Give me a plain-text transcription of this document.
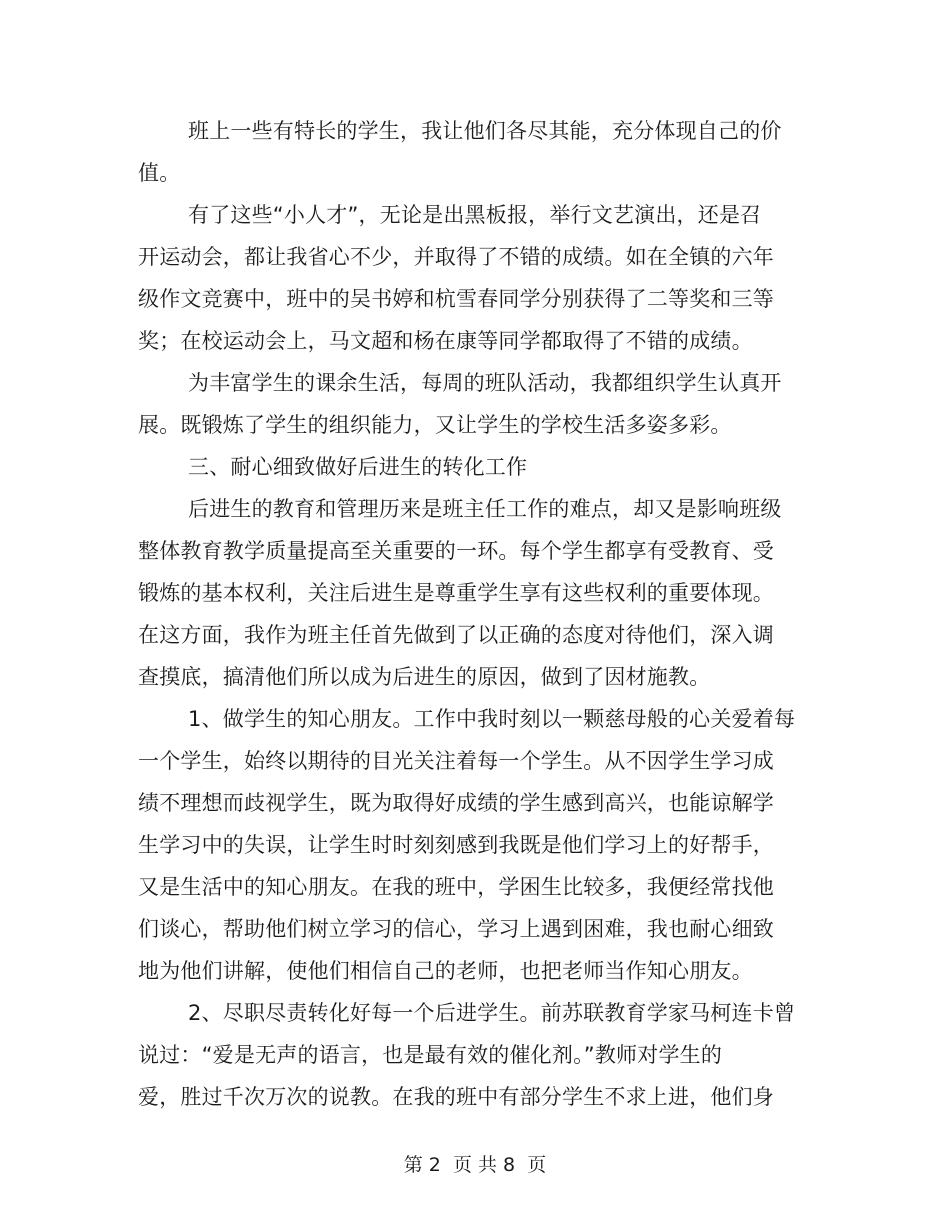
班上一些有特长的学生，我让他们各尽其能，充分体现自己的价
值。
有了这些“小人才”，无论是出黑板报，举行文艺演出，还是召
开运动会，都让我省心不少，并取得了不错的成绩。如在全镇的六年
级作文竞赛中，班中的吴书婷和杭雪春同学分别获得了二等奖和三等
奖；在校运动会上，马文超和杨在康等同学都取得了不错的成绩。
为丰富学生的课余生活，每周的班队活动，我都组织学生认真开
展。既锻炼了学生的组织能力，又让学生的学校生活多姿多彩。
三、耐心细致做好后进生的转化工作
后进生的教育和管理历来是班主任工作的难点，却又是影响班级
整体教育教学质量提高至关重要的一环。每个学生都享有受教育、受
锻炼的基本权利，关注后进生是尊重学生享有这些权利的重要体现。
在这方面，我作为班主任首先做到了以正确的态度对待他们，深入调
查摸底，搞清他们所以成为后进生的原因，做到了因材施教。
1、做学生的知心朋友。工作中我时刻以一颗慈母般的心关爱着每
一个学生，始终以期待的目光关注着每一个学生。从不因学生学习成
绩不理想而歧视学生，既为取得好成绩的学生感到高兴，也能谅解学
生学习中的失误，让学生时时刻刻感到我既是他们学习上的好帮手，
又是生活中的知心朋友。在我的班中，学困生比较多，我便经常找他
们谈心，帮助他们树立学习的信心，学习上遇到困难，我也耐心细致
地为他们讲解，使他们相信自己的老师，也把老师当作知心朋友。
2、尽职尽责转化好每一个后进学生。前苏联教育学家马柯连卡曾
说过：“爱是无声的语言，也是最有效的催化剂。”教师对学生的
爱，胜过千次万次的说教。在我的班中有部分学生不求上进，他们身
第 2  页 共 8  页
